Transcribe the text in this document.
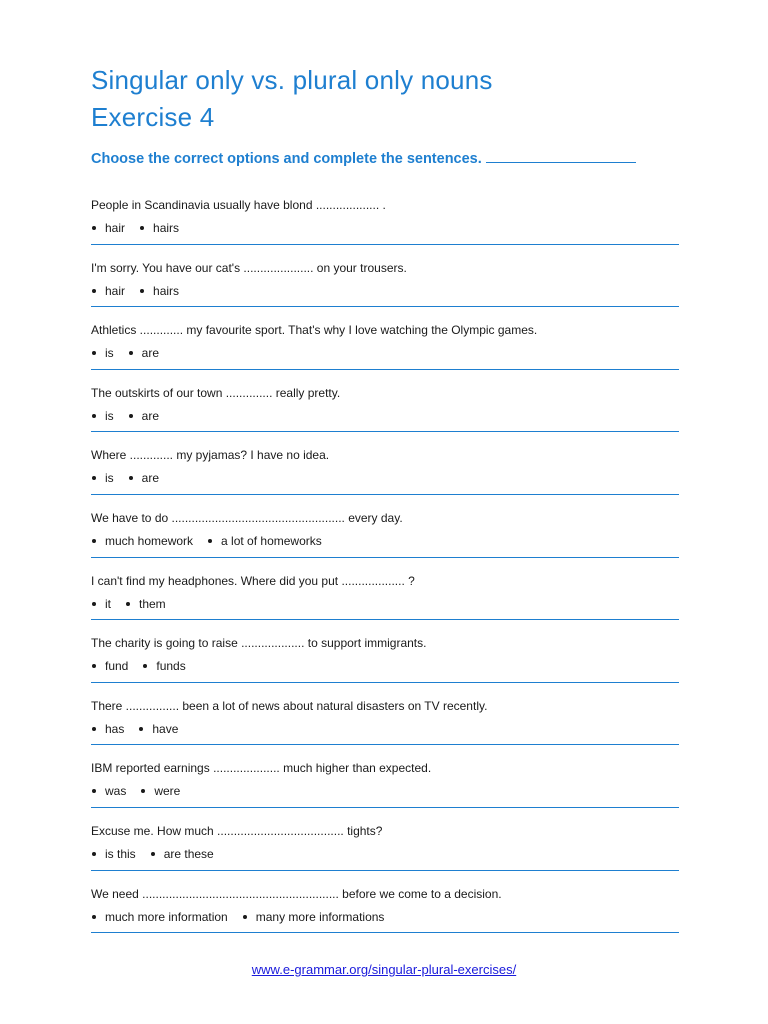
Singular only vs. plural only nouns
Exercise 4
Choose the correct options and complete the sentences.
People in Scandinavia usually have blond ................... .
hair hairs
I'm sorry. You have our cat's ..................... on your trousers.
hair hairs
Athletics ............. my favourite sport. That's why I love watching the Olympic games.
is are
The outskirts of our town .............. really pretty.
is are
Where ............. my pyjamas? I have no idea.
is are
We have to do .................................................... every day.
much homework a lot of homeworks
I can't find my headphones. Where did you put ................... ?
it them
The charity is going to raise ................... to support immigrants.
fund funds
There ................ been a lot of news about natural disasters on TV recently.
has have
IBM reported earnings .................... much higher than expected.
was were
Excuse me. How much ...................................... tights?
is this are these
We need ........................................................... before we come to a decision.
much more information many more informations
www.e-grammar.org/singular-plural-exercises/
